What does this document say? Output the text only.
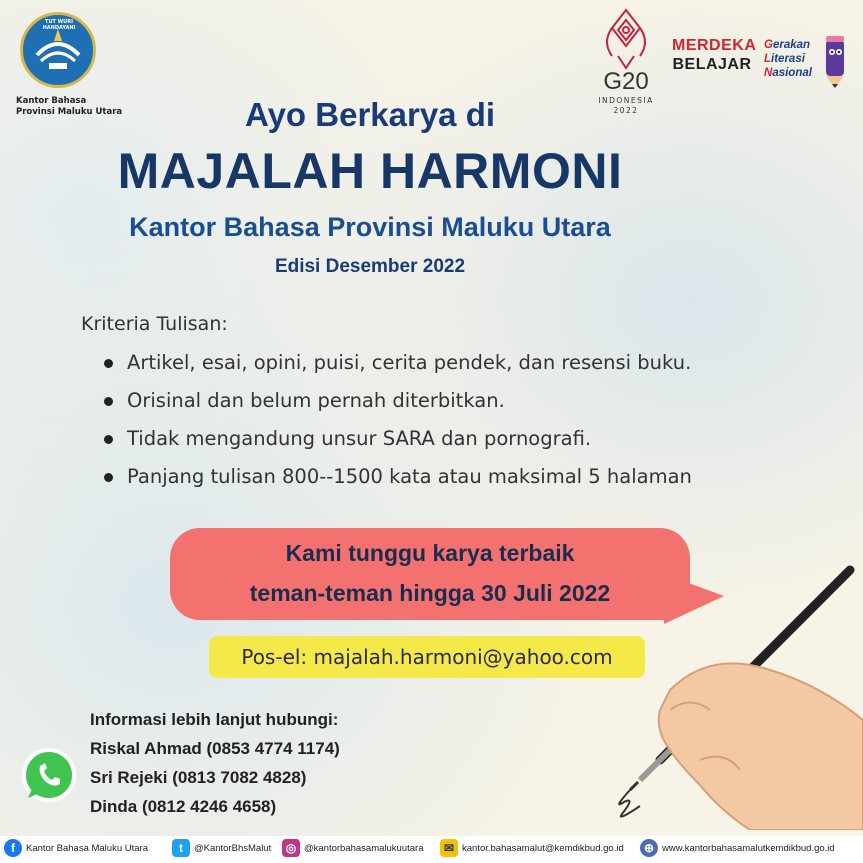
TUT WURI HANDAYANI
Kantor Bahasa
Provinsi Maluku Utara
G20
INDONESIA
2022
MERDEKA
BELAJAR
Gerakan
Literasi
Nasional
Ayo Berkarya di
MAJALAH HARMONI
Kantor Bahasa Provinsi Maluku Utara
Edisi Desember 2022
Kriteria Tulisan:
Artikel, esai, opini, puisi, cerita pendek, dan resensi buku.
Orisinal dan belum pernah diterbitkan.
Tidak mengandung unsur SARA dan pornografi.
Panjang tulisan 800--1500 kata atau maksimal 5 halaman
Kami tunggu karya terbaik
teman-teman hingga 30 Juli 2022
Pos-el: majalah.harmoni@yahoo.com
Informasi lebih lanjut hubungi:
Riskal Ahmad (0853 4774 1174)
Sri Rejeki (0813 7082 4828)
Dinda (0812 4246 4658)
f	Kantor Bahasa Maluku Utara	t	@KantorBhsMalut	◎ @kantorbahasamalukuutara	✉ kantor.bahasamalut@kemdikbud.go.id	⊕ www.kantorbahasamalutkemdikbud.go.id
